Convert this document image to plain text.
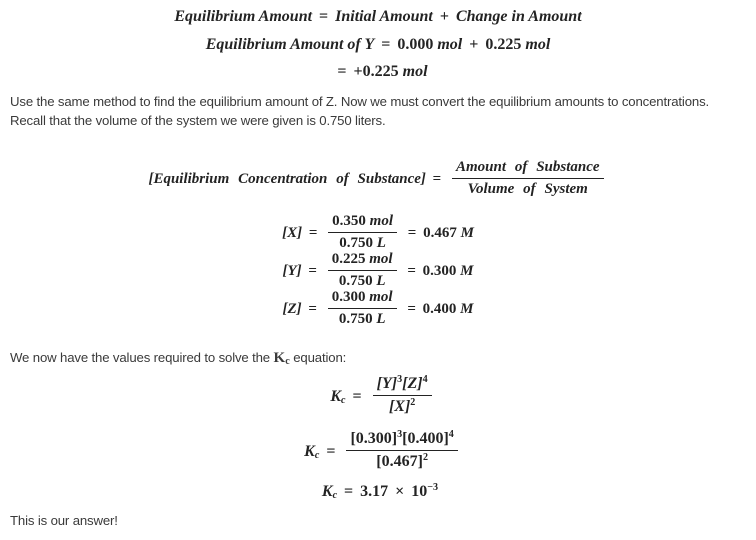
Equilibrium Amount = Initial Amount + Change in Amount
Equilibrium Amount of Y = 0.000 mol + 0.225 mol
= +0.225 mol

Use the same method to find the equilibrium amount of Z. Now we must convert the equilibrium amounts to concentrations. Recall that the volume of the system we were given is 0.750 liters.

[Equilibrium Concentration of Substance] = $\frac{\text{Amount of Substance}}{\text{Volume of System}}$
$[X] = \frac{\text{0.350 mol}}{0.750 L} = 0.467$ M
$[Y] = \frac{\text{0.225 mol}}{0.750 L} = 0.300$ M
$[Z] = \frac{\text{0.300 mol}}{0.750 L} = 0.400$ M

We now have the values required to solve the $K_c$ equation:

$K_c = \frac{[Y]^3[Z]^4}{[X]^2}$
$K_c = \frac{[0.300]^3[0.400]^4}{[0.467]^2}$
$K_c = 3.17 \times 10^{-3}$

This is our answer!
